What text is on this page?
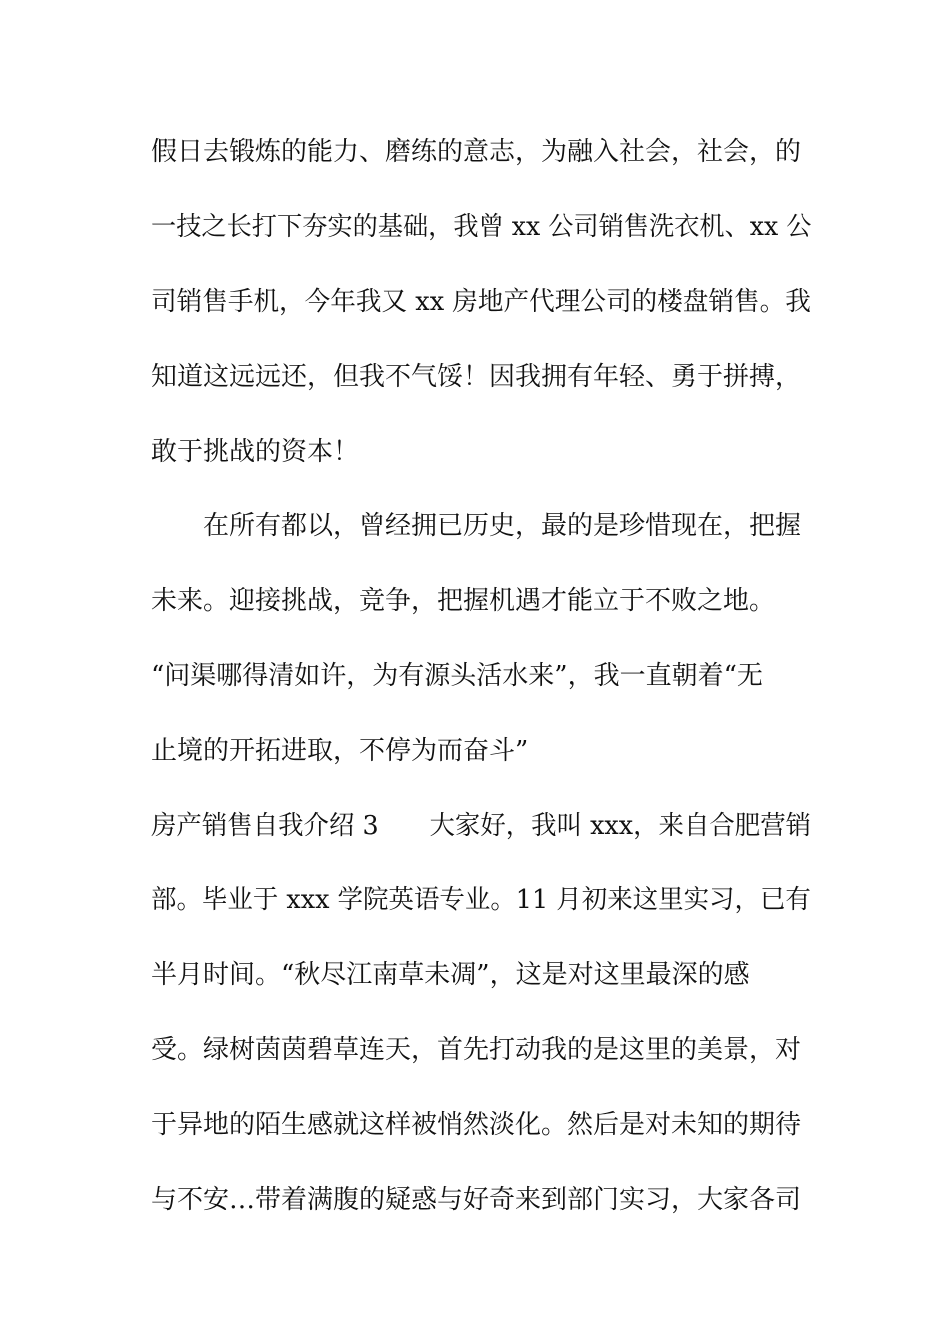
假日去锻炼的能力、磨练的意志，为融入社会，社会，的
一技之长打下夯实的基础，我曾 xx 公司销售洗衣机、xx 公
司销售手机，今年我又 xx 房地产代理公司的楼盘销售。我
知道这远远还，但我不气馁！因我拥有年轻、勇于拼搏，
敢于挑战的资本！
　　在所有都以，曾经拥已历史，最的是珍惜现在，把握
未来。迎接挑战，竞争，把握机遇才能立于不败之地。
“问渠哪得清如许，为有源头活水来”，我一直朝着“无
止境的开拓进取，不停为而奋斗”
房产销售自我介绍 3　　大家好，我叫 xxx，来自合肥营销
部。毕业于 xxx 学院英语专业。11 月初来这里实习，已有
半月时间。“秋尽江南草未凋”，这是对这里最深的感
受。绿树茵茵碧草连天，首先打动我的是这里的美景，对
于异地的陌生感就这样被悄然淡化。然后是对未知的期待
与不安…带着满腹的疑惑与好奇来到部门实习，大家各司
